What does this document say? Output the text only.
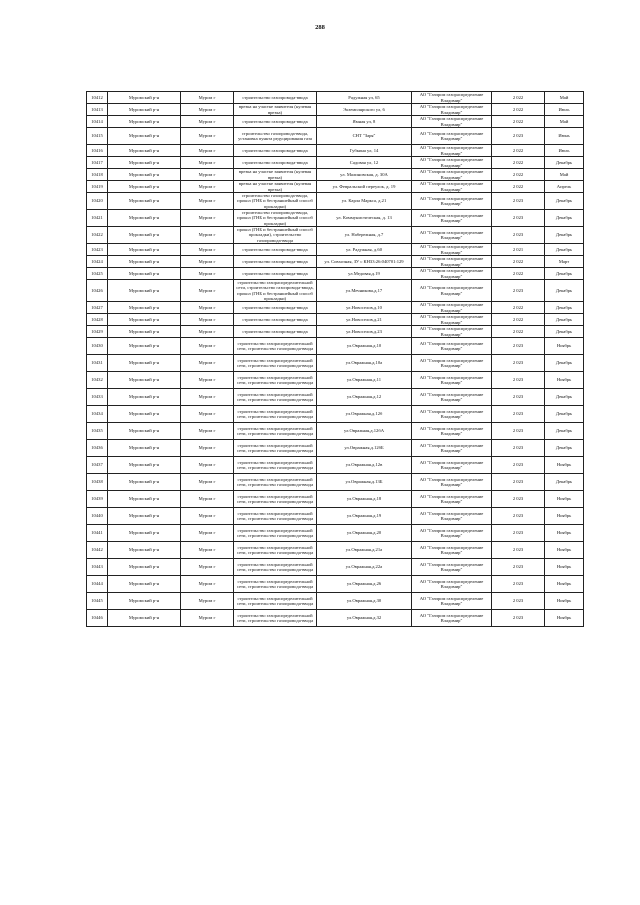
288
10412	Муромский р-н	Муром г	строительство газопровода-ввода	Радужная ул, 65	АО "Газпром газораспределение Владимир"	2 022	Май
10413	Муромский р-н	Муром г	врезка на участке заявителя (нулевая врезка)	Экземплярского ул, 6	АО "Газпром газораспределение Владимир"	2 022	Июль
10414	Муромский р-н	Муром г	строительство газопровода-ввода	Ямная ул, 8	АО "Газпром газораспределение Владимир"	2 022	Май
10415	Муромский р-н	Муром г	строительство газопровода-ввода, установка пункта редуцирования газа	СНТ "Заря"	АО "Газпром газораспределение Владимир"	2 023	Июнь
10416	Муромский р-н	Муром г	строительство газопровода-ввода	Губкина ул, 14	АО "Газпром газораспределение Владимир"	2 022	Июль
10417	Муромский р-н	Муром г	строительство газопровода-ввода	Садовая ул, 12	АО "Газпром газораспределение Владимир"	2 022	Декабрь
10418	Муромский р-н	Муром г	врезка на участке заявителя (нулевая врезка)	ул. Малиновская, д. 30А	АО "Газпром газораспределение Владимир"	2 022	Май
10419	Муромский р-н	Муром г	врезка на участке заявителя (нулевая врезка)	ул. Февральский переулок, д. 19	АО "Газпром газораспределение Владимир"	2 022	Апрель
10420	Муромский р-н	Муром г	строительство газопровода-ввода, прокол (ГНБ и бестраншейный способ прокладки)	ул. Карла Маркса, д.21	АО "Газпром газораспределение Владимир"	2 023	Декабрь
10421	Муромский р-н	Муром г	строительство газопровода-ввода, прокол (ГНБ и бестраншейный способ прокладки)	ул. Коммунистическая, д. 13	АО "Газпром газораспределение Владимир"	2 023	Декабрь
10422	Муромский р-н	Муром г	прокол (ГНБ и бестраншейный способ прокладки), строительство газопровода-ввода	ул. Набережная, д.7	АО "Газпром газораспределение Владимир"	2 023	Декабрь
10423	Муромский р-н	Муром г	строительство газопровода-ввода	ул. Радужная, д.60	АО "Газпром газораспределение Владимир"	2 021	Декабрь
10424	Муромский р-н	Муром г	строительство газопровода-ввода	ул. Совхозная, ЗУ с КН33:26:040701:129	АО "Газпром газораспределение Владимир"	2 022	Март
10425	Муромский р-н	Муром г	строительство газопровода-ввода	ул.Медовая,д.19	АО "Газпром газораспределение Владимир"	2 022	Декабрь
10426	Муромский р-н	Муром г	строительство газораспределительной сети, строительство газопровода-ввода, прокол (ГНБ и бестраншейный способ прокладки)	ул.Мечникова,д.17	АО "Газпром газораспределение Владимир"	2 023	Декабрь
10427	Муромский р-н	Муром г	строительство газопровода-ввода	ул.Новоселов,д.10	АО "Газпром газораспределение Владимир"	2 022	Декабрь
10428	Муромский р-н	Муром г	строительство газопровода-ввода	ул.Новоселов,д.21	АО "Газпром газораспределение Владимир"	2 022	Декабрь
10429	Муромский р-н	Муром г	строительство газопровода-ввода	ул.Новоселов,д.23	АО "Газпром газораспределение Владимир"	2 022	Декабрь
10430	Муромский р-н	Муром г	строительство газораспределительной сети, строительство газопровода-ввода	ул.Овражная,д.10	АО "Газпром газораспределение Владимир"	2 023	Ноябрь
10431	Муромский р-н	Муром г	строительство газораспределительной сети, строительство газопровода-ввода	ул.Овражная,д.10а	АО "Газпром газораспределение Владимир"	2 023	Декабрь
10432	Муромский р-н	Муром г	строительство газораспределительной сети, строительство газопровода-ввода	ул.Овражная,д.11	АО "Газпром газораспределение Владимир"	2 023	Ноябрь
10433	Муромский р-н	Муром г	строительство газораспределительной сети, строительство газопровода-ввода	ул.Овражная,д.12	АО "Газпром газораспределение Владимир"	2 023	Декабрь
10434	Муромский р-н	Муром г	строительство газораспределительной сети, строительство газопровода-ввода	ул.Овражная,д.12б	АО "Газпром газораспределение Владимир"	2 023	Декабрь
10435	Муромский р-н	Муром г	строительство газораспределительной сети, строительство газопровода-ввода	ул.Овражная,д.12бА	АО "Газпром газораспределение Владимир"	2 023	Декабрь
10436	Муромский р-н	Муром г	строительство газораспределительной сети, строительство газопровода-ввода	ул.Овражная,д.12бБ	АО "Газпром газораспределение Владимир"	2 023	Декабрь
10437	Муромский р-н	Муром г	строительство газораспределительной сети, строительство газопровода-ввода	ул.Овражная,д.12в	АО "Газпром газораспределение Владимир"	2 023	Ноябрь
10438	Муромский р-н	Муром г	строительство газораспределительной сети, строительство газопровода-ввода	ул.Овражная,д.13Б	АО "Газпром газораспределение Владимир"	2 023	Декабрь
10439	Муромский р-н	Муром г	строительство газораспределительной сети, строительство газопровода-ввода	ул.Овражная,д.18	АО "Газпром газораспределение Владимир"	2 023	Ноябрь
10440	Муромский р-н	Муром г	строительство газораспределительной сети, строительство газопровода-ввода	ул.Овражная,д.19	АО "Газпром газораспределение Владимир"	2 023	Ноябрь
10441	Муромский р-н	Муром г	строительство газораспределительной сети, строительство газопровода-ввода	ул.Овражная,д.20	АО "Газпром газораспределение Владимир"	2 023	Ноябрь
10442	Муромский р-н	Муром г	строительство газораспределительной сети, строительство газопровода-ввода	ул.Овражная,д.21а	АО "Газпром газораспределение Владимир"	2 023	Ноябрь
10443	Муромский р-н	Муром г	строительство газораспределительной сети, строительство газопровода-ввода	ул.Овражная,д.22а	АО "Газпром газораспределение Владимир"	2 023	Ноябрь
10444	Муромский р-н	Муром г	строительство газораспределительной сети, строительство газопровода-ввода	ул.Овражная,д.26	АО "Газпром газораспределение Владимир"	2 023	Ноябрь
10445	Муромский р-н	Муром г	строительство газораспределительной сети, строительство газопровода-ввода	ул.Овражная,д.30	АО "Газпром газораспределение Владимир"	2 023	Ноябрь
10446	Муромский р-н	Муром г	строительство газораспределительной сети, строительство газопровода-ввода	ул.Овражная,д.32	АО "Газпром газораспределение Владимир"	2 023	Ноябрь
